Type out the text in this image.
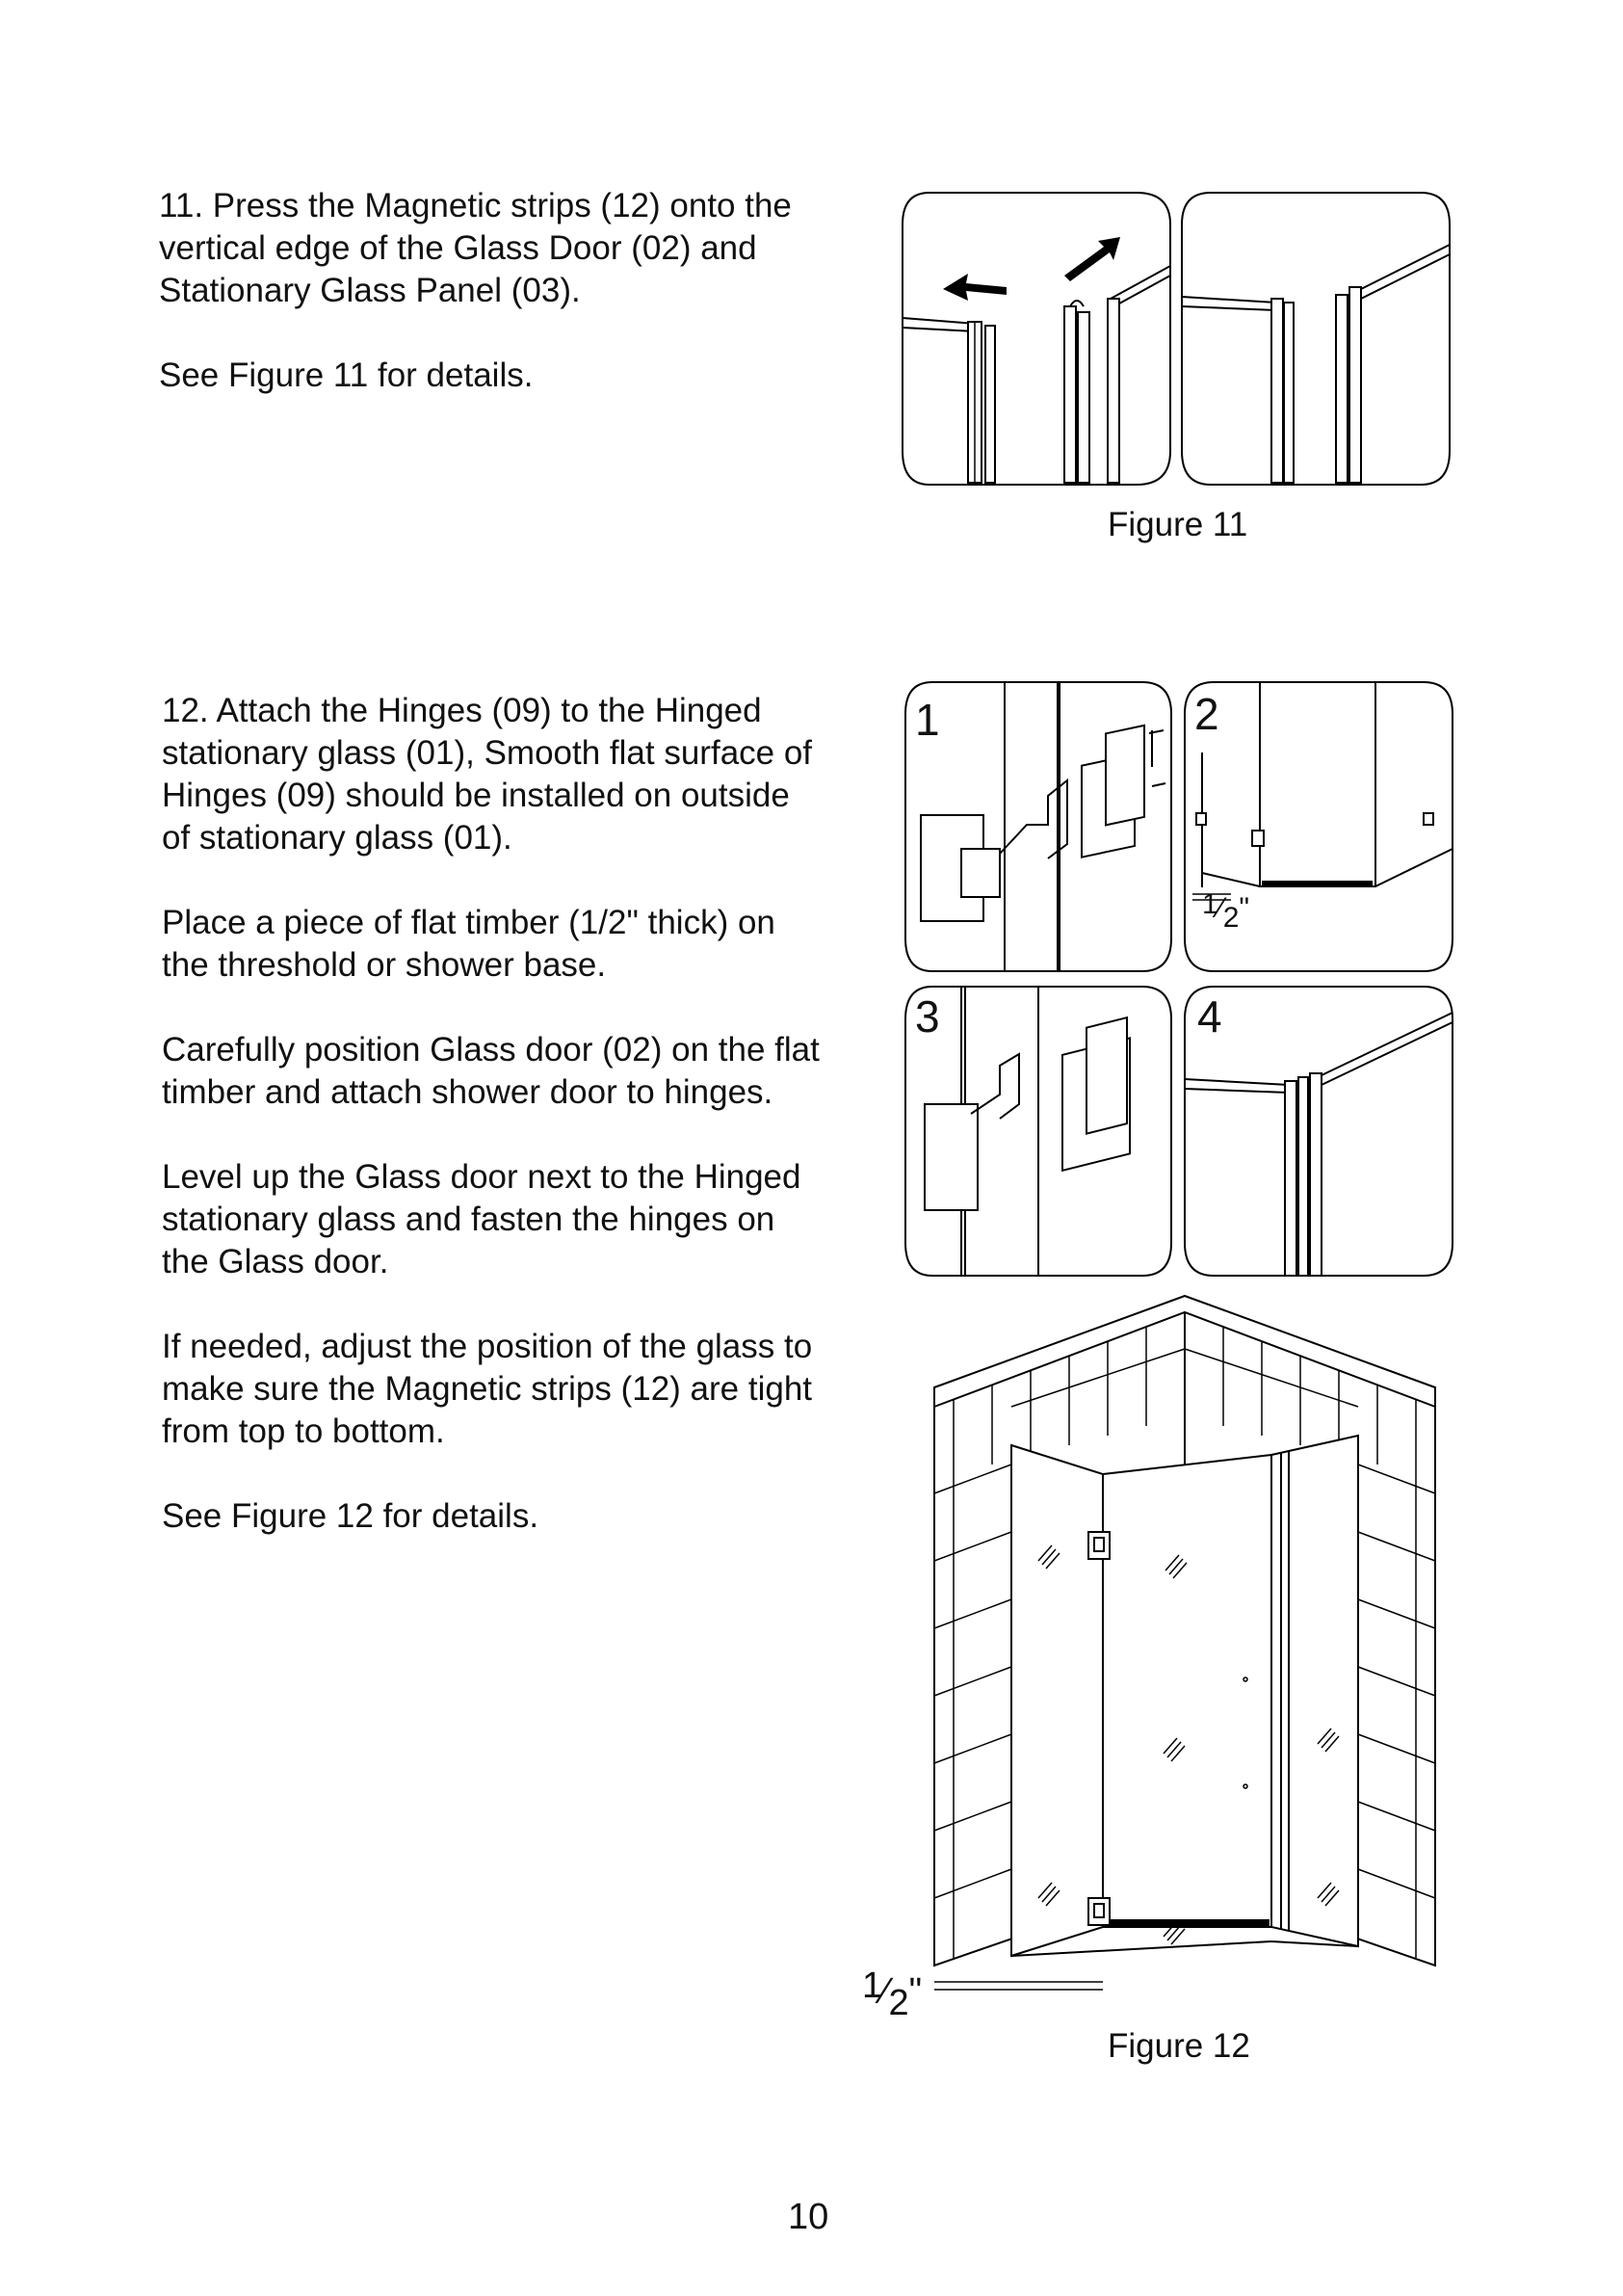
11. Press the Magnetic strips (12) onto the

vertical edge of the Glass Door (02) and

Stationary Glass Panel (03).

See Figure 11 for details.

Figure 11

12. Attach the Hinges (09) to the Hinged

stationary glass (01), Smooth flat surface of

Hinges (09) should be installed on outside

of stationary glass (01).

Place a piece of flat timber (1/2" thick) on

the threshold or shower base.

Carefully position Glass door (02) on the flat

timber and attach shower door to hinges.

Level up the Glass door next to the Hinged

stationary glass and fasten the hinges on

the Glass door.

If needed, adjust the position of the glass to

make sure the Magnetic strips (12) are tight

from top to bottom.

See Figure 12 for details.

1	2
3	4
1⁄2"
1⁄2"
Figure 12
10
